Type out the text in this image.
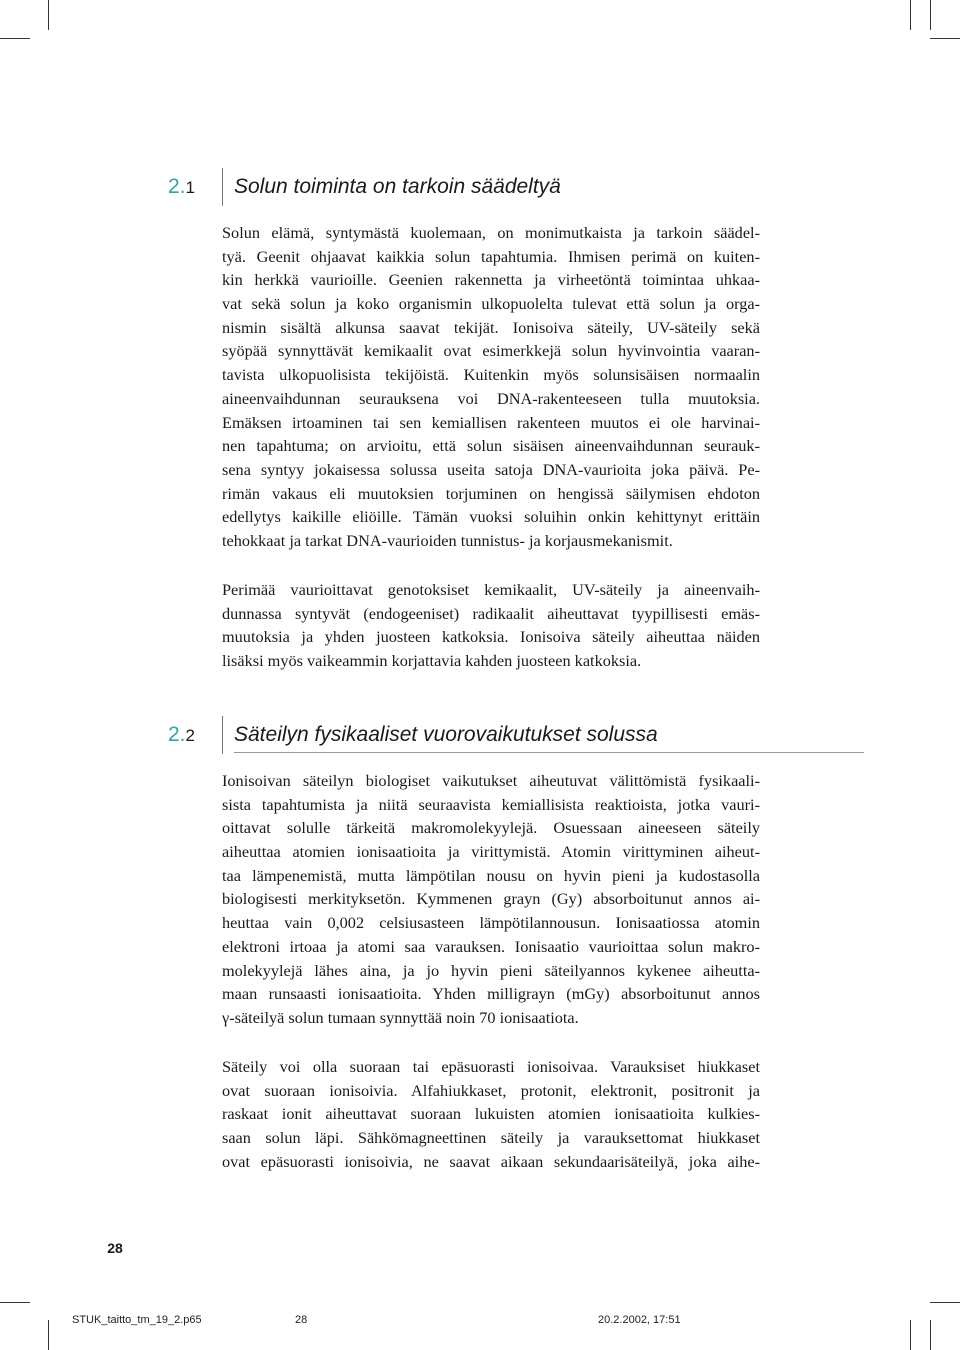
2.1	Solun toiminta on tarkoin säädeltyä
Solun elämä, syntymästä kuolemaan, on monimutkaista ja tarkoin säädel-
tyä. Geenit ohjaavat kaikkia solun tapahtumia. Ihmisen perimä on kuiten-
kin herkkä vaurioille. Geenien rakennetta ja virheetöntä toimintaa uhkaa-
vat sekä solun ja koko organismin ulkopuolelta tulevat että solun ja orga-
nismin sisältä alkunsa saavat tekijät. Ionisoiva säteily, UV-säteily sekä
syöpää synnyttävät kemikaalit ovat esimerkkejä solun hyvinvointia vaaran-
tavista ulkopuolisista tekijöistä. Kuitenkin myös solunsisäisen normaalin
aineenvaihdunnan seurauksena voi DNA-rakenteeseen tulla muutoksia.
Emäksen irtoaminen tai sen kemiallisen rakenteen muutos ei ole harvinai-
nen tapahtuma; on arvioitu, että solun sisäisen aineenvaihdunnan seurauk-
sena syntyy jokaisessa solussa useita satoja DNA-vaurioita joka päivä. Pe-
rimän vakaus eli muutoksien torjuminen on hengissä säilymisen ehdoton
edellytys kaikille eliöille. Tämän vuoksi soluihin onkin kehittynyt erittäin
tehokkaat ja tarkat DNA-vaurioiden tunnistus- ja korjausmekanismit.
Perimää vaurioittavat genotoksiset kemikaalit, UV-säteily ja aineenvaih-
dunnassa syntyvät (endogeeniset) radikaalit aiheuttavat tyypillisesti emäs-
muutoksia ja yhden juosteen katkoksia. Ionisoiva säteily aiheuttaa näiden
lisäksi myös vaikeammin korjattavia kahden juosteen katkoksia.
2.2	Säteilyn fysikaaliset vuorovaikutukset solussa
Ionisoivan säteilyn biologiset vaikutukset aiheutuvat välittömistä fysikaali-
sista tapahtumista ja niitä seuraavista kemiallisista reaktioista, jotka vauri-
oittavat solulle tärkeitä makromolekyylejä. Osuessaan aineeseen säteily
aiheuttaa atomien ionisaatioita ja virittymistä. Atomin virittyminen aiheut-
taa lämpenemistä, mutta lämpötilan nousu on hyvin pieni ja kudostasolla
biologisesti merkityksetön. Kymmenen grayn (Gy) absorboitunut annos ai-
heuttaa vain 0,002 celsiusasteen lämpötilannousun. Ionisaatiossa atomin
elektroni irtoaa ja atomi saa varauksen. Ionisaatio vaurioittaa solun makro-
molekyylejä lähes aina, ja jo hyvin pieni säteilyannos kykenee aiheutta-
maan runsaasti ionisaatioita. Yhden milligrayn (mGy) absorboitunut annos
γ-säteilyä solun tumaan synnyttää noin 70 ionisaatiota.
Säteily voi olla suoraan tai epäsuorasti ionisoivaa. Varauksiset hiukkaset
ovat suoraan ionisoivia. Alfahiukkaset, protonit, elektronit, positronit ja
raskaat ionit aiheuttavat suoraan lukuisten atomien ionisaatioita kulkies-
saan solun läpi. Sähkömagneettinen säteily ja varauksettomat hiukkaset
ovat epäsuorasti ionisoivia, ne saavat aikaan sekundaarisäteilyä, joka aihe-
28
STUK_taitto_tm_19_2.p65	28	20.2.2002, 17:51
